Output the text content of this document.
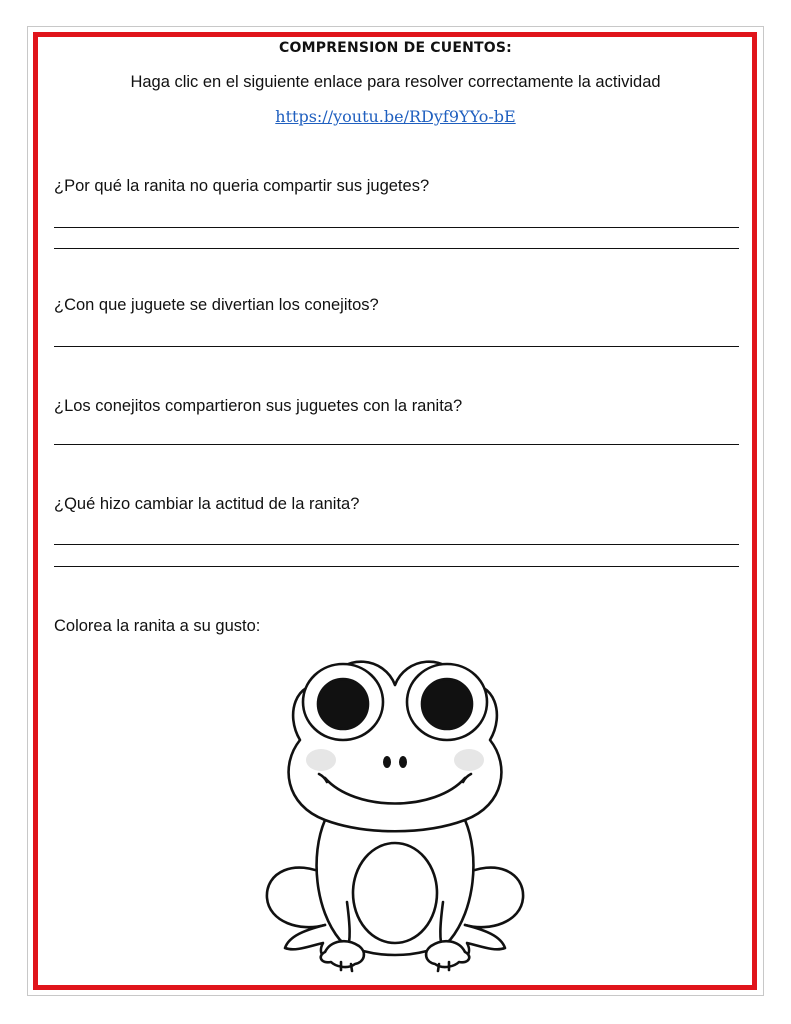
COMPRENSION DE CUENTOS:
Haga clic en el siguiente enlace para resolver correctamente la actividad
https://youtu.be/RDyf9YYo-bE
¿Por qué la ranita no queria compartir sus jugetes?
¿Con que juguete se divertian los conejitos?
¿Los conejitos compartieron sus juguetes con la ranita?
¿Qué hizo cambiar la actitud de la ranita?
Colorea la ranita a su gusto:
